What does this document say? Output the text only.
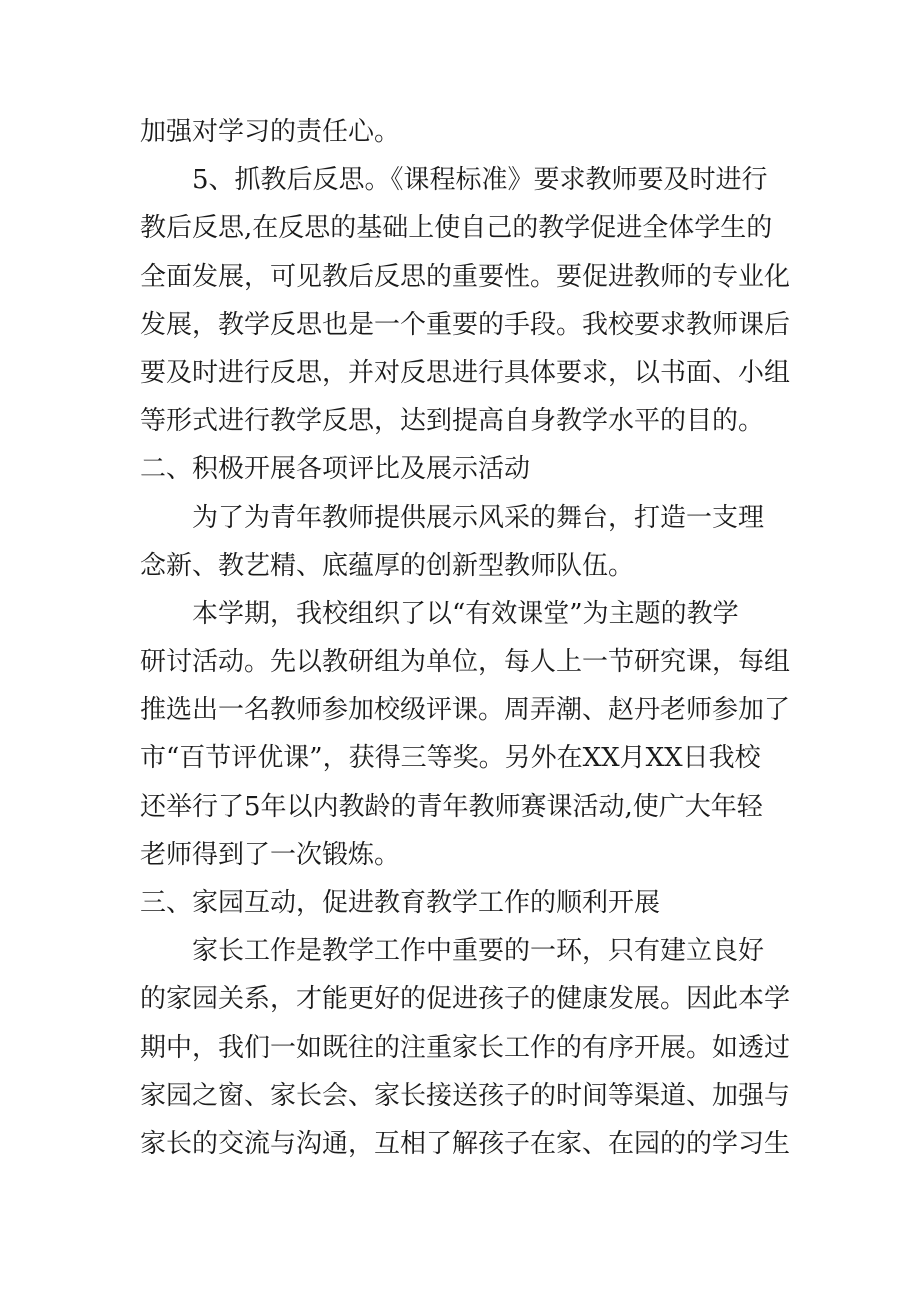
加强对学习的责任心。
5、抓教后反思。《课程标准》要求教师要及时进行
教后反思,在反思的基础上使自己的教学促进全体学生的
全面发展，可见教后反思的重要性。要促进教师的专业化
发展，教学反思也是一个重要的手段。我校要求教师课后
要及时进行反思，并对反思进行具体要求，以书面、小组
等形式进行教学反思，达到提高自身教学水平的目的。
二、积极开展各项评比及展示活动
为了为青年教师提供展示风采的舞台，打造一支理
念新、教艺精、底蕴厚的创新型教师队伍。
本学期，我校组织了以“有效课堂”为主题的教学
研讨活动。先以教研组为单位，每人上一节研究课，每组
推选出一名教师参加校级评课。周弄潮、赵丹老师参加了
市“百节评优课”，获得三等奖。另外在XX月XX日我校
还举行了5年以内教龄的青年教师赛课活动,使广大年轻
老师得到了一次锻炼。
三、家园互动，促进教育教学工作的顺利开展
家长工作是教学工作中重要的一环，只有建立良好
的家园关系，才能更好的促进孩子的健康发展。因此本学
期中，我们一如既往的注重家长工作的有序开展。如透过
家园之窗、家长会、家长接送孩子的时间等渠道、加强与
家长的交流与沟通，互相了解孩子在家、在园的的学习生
